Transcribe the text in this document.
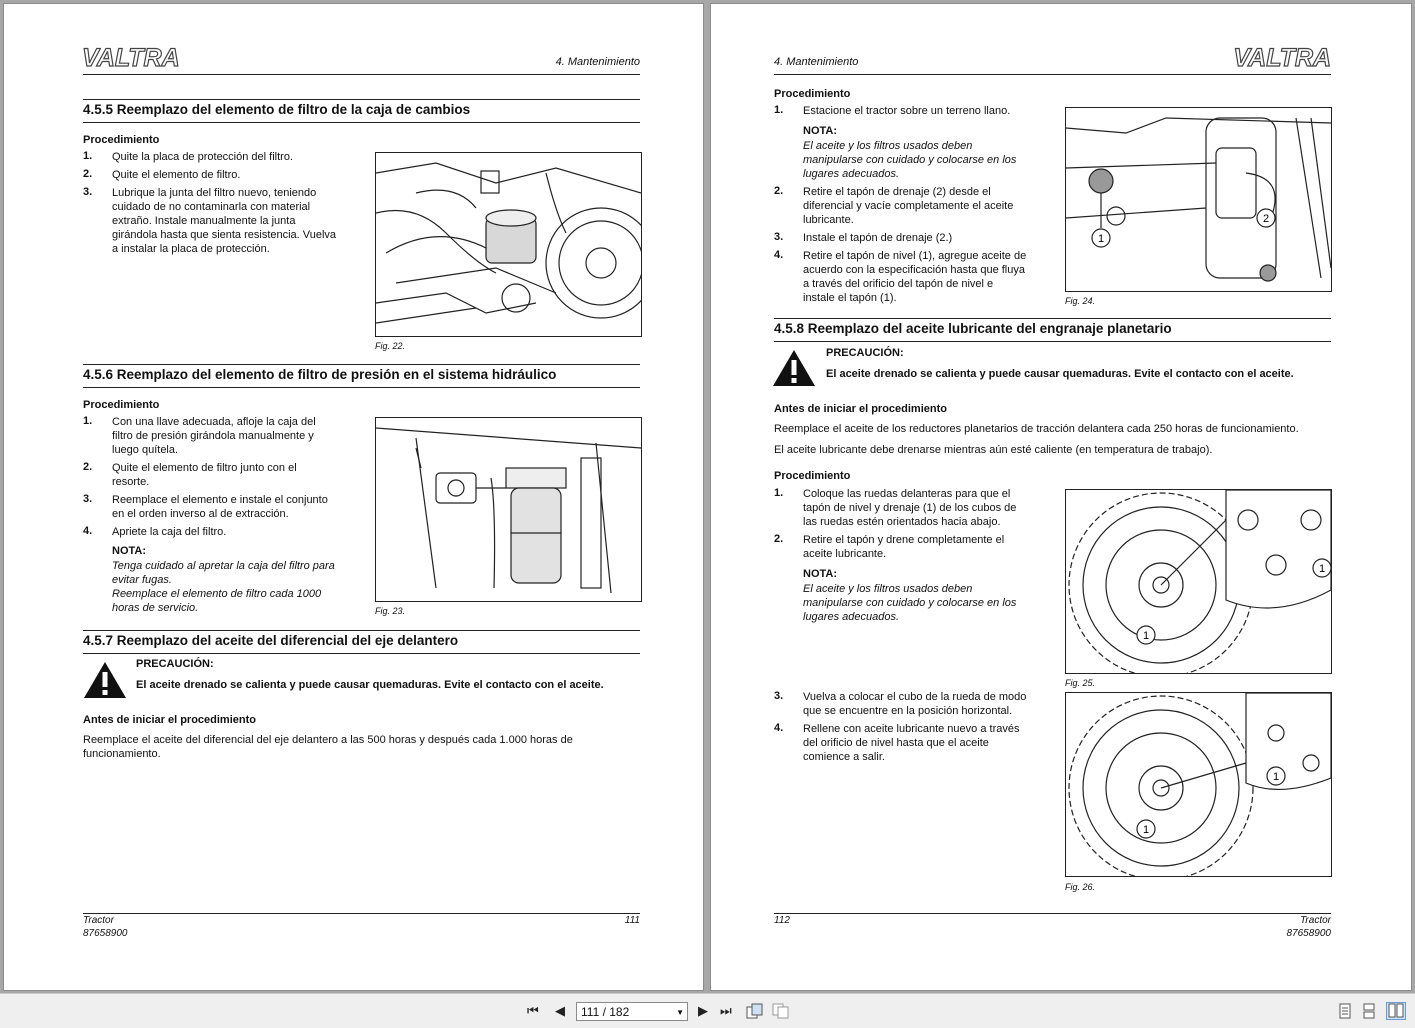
VALTRA	4. Mantenimiento
4.5.5 Reemplazo del elemento de filtro de la caja de cambios
Procedimiento
1. Quite la placa de protección del filtro.
2. Quite el elemento de filtro.
3. Lubrique la junta del filtro nuevo, teniendo
cuidado de no contaminarla con material
extraño. Instale manualmente la junta
girándola hasta que sienta resistencia. Vuelva
a instalar la placa de protección.
Fig. 22.
4.5.6 Reemplazo del elemento de filtro de presión en el sistema hidráulico
Procedimiento
1. Con una llave adecuada, afloje la caja del
filtro de presión girándola manualmente y
luego quítela.
2. Quite el elemento de filtro junto con el
resorte.
3. Reemplace el elemento e instale el conjunto
en el orden inverso al de extracción.
4. Apriete la caja del filtro.
NOTA:
Tenga cuidado al apretar la caja del filtro para
evitar fugas.
Reemplace el elemento de filtro cada 1000
horas de servicio.	Fig. 23.
4.5.7 Reemplazo del aceite del diferencial del eje delantero
PRECAUCIÓN:
El aceite drenado se calienta y puede causar quemaduras. Evite el contacto con el aceite.
Antes de iniciar el procedimiento
Reemplace el aceite del diferencial del eje delantero a las 500 horas y después cada 1.000 horas de
funcionamiento.
Tractor
87658900
111
4. Mantenimiento	VALTRA
Procedimiento
1. Estacione el tractor sobre un terreno llano.
NOTA:
El aceite y los filtros usados deben
manipularse con cuidado y colocarse en los
lugares adecuados.
2. Retire el tapón de drenaje (2) desde el
diferencial y vacíe completamente el aceite
lubricante.
3. Instale el tapón de drenaje (2.)
4. Retire el tapón de nivel (1), agregue aceite de
acuerdo con la especificación hasta que fluya
a través del orificio del tapón de nivel e
instale el tapón (1).
1
2
Fig. 24.
4.5.8 Reemplazo del aceite lubricante del engranaje planetario
PRECAUCIÓN:
El aceite drenado se calienta y puede causar quemaduras. Evite el contacto con el aceite.
Antes de iniciar el procedimiento
Reemplace el aceite de los reductores planetarios de tracción delantera cada 250 horas de funcionamiento.
El aceite lubricante debe drenarse mientras aún esté caliente (en temperatura de trabajo).
Procedimiento
1. Coloque las ruedas delanteras para que el
tapón de nivel y drenaje (1) de los cubos de
las ruedas estén orientados hacia abajo.
2. Retire el tapón y drene completamente el
aceite lubricante.
NOTA:
El aceite y los filtros usados deben
manipularse con cuidado y colocarse en los
lugares adecuados.
3. Vuelva a colocar el cubo de la rueda de modo
que se encuentre en la posición horizontal.
4. Rellene con aceite lubricante nuevo a través
del orificio de nivel hasta que el aceite
comience a salir.
1
1
Fig. 25.
1
1
Fig. 26.
112	Tractor
87658900
⏮ ◀	111 / 182	▼ ▶ ⏭
